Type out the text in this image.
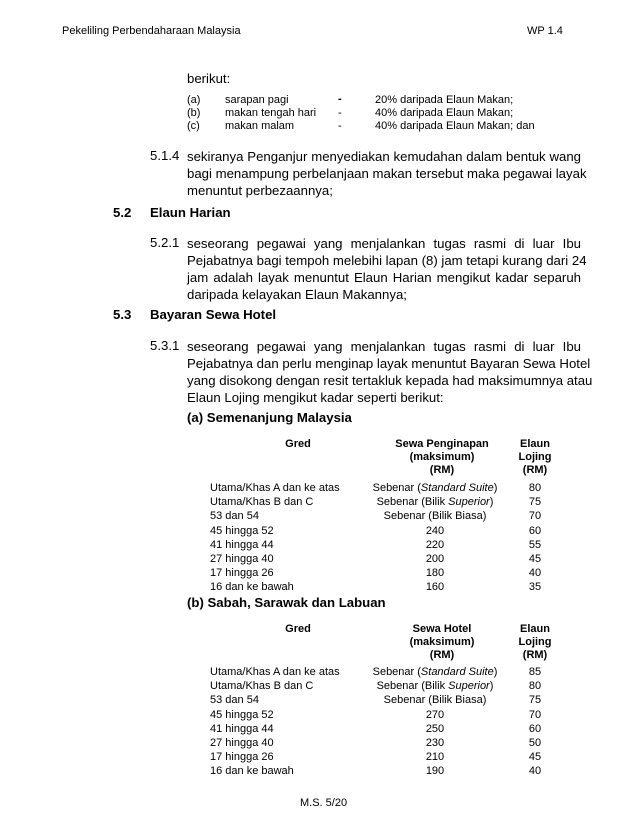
Pekeliling Perbendaharaan Malaysia	WP 1.4
berikut:
(a) sarapan pagi	-	20% daripada Elaun Makan;
(b) makan tengah hari -	40% daripada Elaun Makan;
(c) makan malam	-	40% daripada Elaun Makan; dan
5.1.4 sekiranya Penganjur menyediakan kemudahan dalam bentuk wang
bagi menampung perbelanjaan makan tersebut maka pegawai layak
menuntut perbezaannya;
5.2 Elaun Harian
5.2.1 seseorang pegawai yang menjalankan tugas rasmi di luar Ibu
Pejabatnya bagi tempoh melebihi lapan (8) jam tetapi kurang dari 24
jam adalah layak menuntut Elaun Harian mengikut kadar separuh
daripada kelayakan Elaun Makannya;
5.3 Bayaran Sewa Hotel
5.3.1 seseorang pegawai yang menjalankan tugas rasmi di luar Ibu
Pejabatnya dan perlu menginap layak menuntut Bayaran Sewa Hotel
yang disokong dengan resit tertakluk kepada had maksimumnya atau
Elaun Lojing mengikut kadar seperti berikut:
(a) Semenanjung Malaysia
Gred	Sewa Penginapan
(maksimum)
(RM)
Elaun
Lojing
(RM)
Utama/Khas A dan ke atas	Sebenar (Standard Suite)	80
Utama/Khas B dan C	Sebenar (Bilik Superior)	75
53 dan 54	Sebenar (Bilik Biasa)	70
45 hingga 52	240	60
41 hingga 44	220	55
27 hingga 40	200	45
17 hingga 26	180	40
16 dan ke bawah	160	35
(b) Sabah, Sarawak dan Labuan
Gred	Sewa Hotel
(maksimum)
(RM)
Elaun
Lojing
(RM)
Utama/Khas A dan ke atas	Sebenar (Standard Suite)	85
Utama/Khas B dan C	Sebenar (Bilik Superior)	80
53 dan 54	Sebenar (Bilik Biasa)	75
45 hingga 52	270	70
41 hingga 44	250	60
27 hingga 40	230	50
17 hingga 26	210	45
16 dan ke bawah	190	40
M.S. 5/20
